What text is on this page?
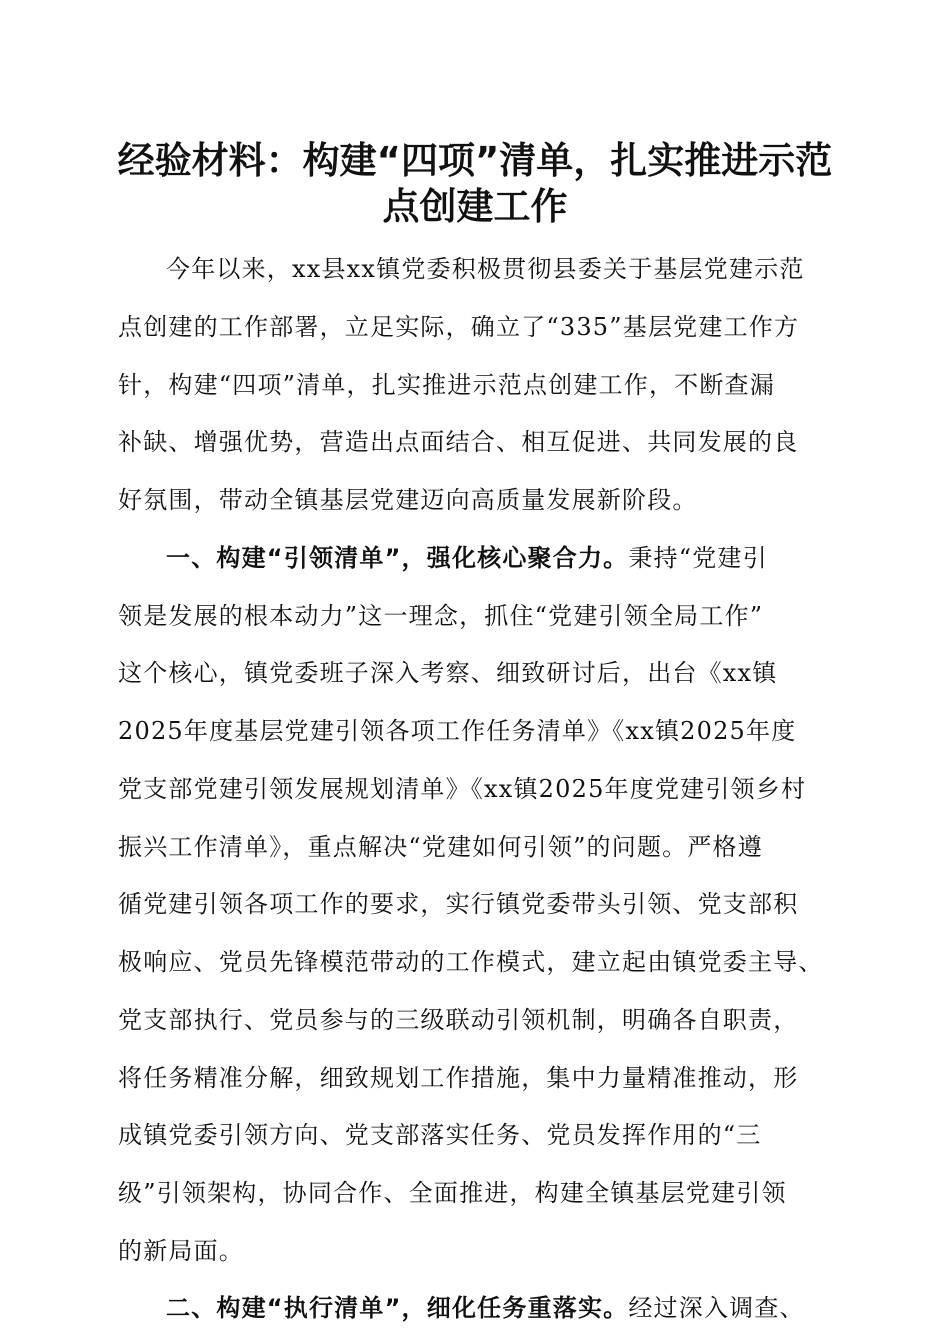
经验材料：构建“四项”清单，扎实推进示范
点创建工作
今年以来，xx县xx镇党委积极贯彻县委关于基层党建示范
点创建的工作部署，立足实际，确立了“335”基层党建工作方
针，构建“四项”清单，扎实推进示范点创建工作，不断查漏
补缺、增强优势，营造出点面结合、相互促进、共同发展的良
好氛围，带动全镇基层党建迈向高质量发展新阶段。
一、构建“引领清单”，强化核心聚合力。秉持“党建引
领是发展的根本动力”这一理念，抓住“党建引领全局工作”
这个核心，镇党委班子深入考察、细致研讨后，出台《xx镇
2025年度基层党建引领各项工作任务清单》《xx镇2025年度
党支部党建引领发展规划清单》《xx镇2025年度党建引领乡村
振兴工作清单》，重点解决“党建如何引领”的问题。严格遵
循党建引领各项工作的要求，实行镇党委带头引领、党支部积
极响应、党员先锋模范带动的工作模式，建立起由镇党委主导、
党支部执行、党员参与的三级联动引领机制，明确各自职责，
将任务精准分解，细致规划工作措施，集中力量精准推动，形
成镇党委引领方向、党支部落实任务、党员发挥作用的“三
级”引领架构，协同合作、全面推进，构建全镇基层党建引领
的新局面。
二、构建“执行清单”，细化任务重落实。经过深入调查、
